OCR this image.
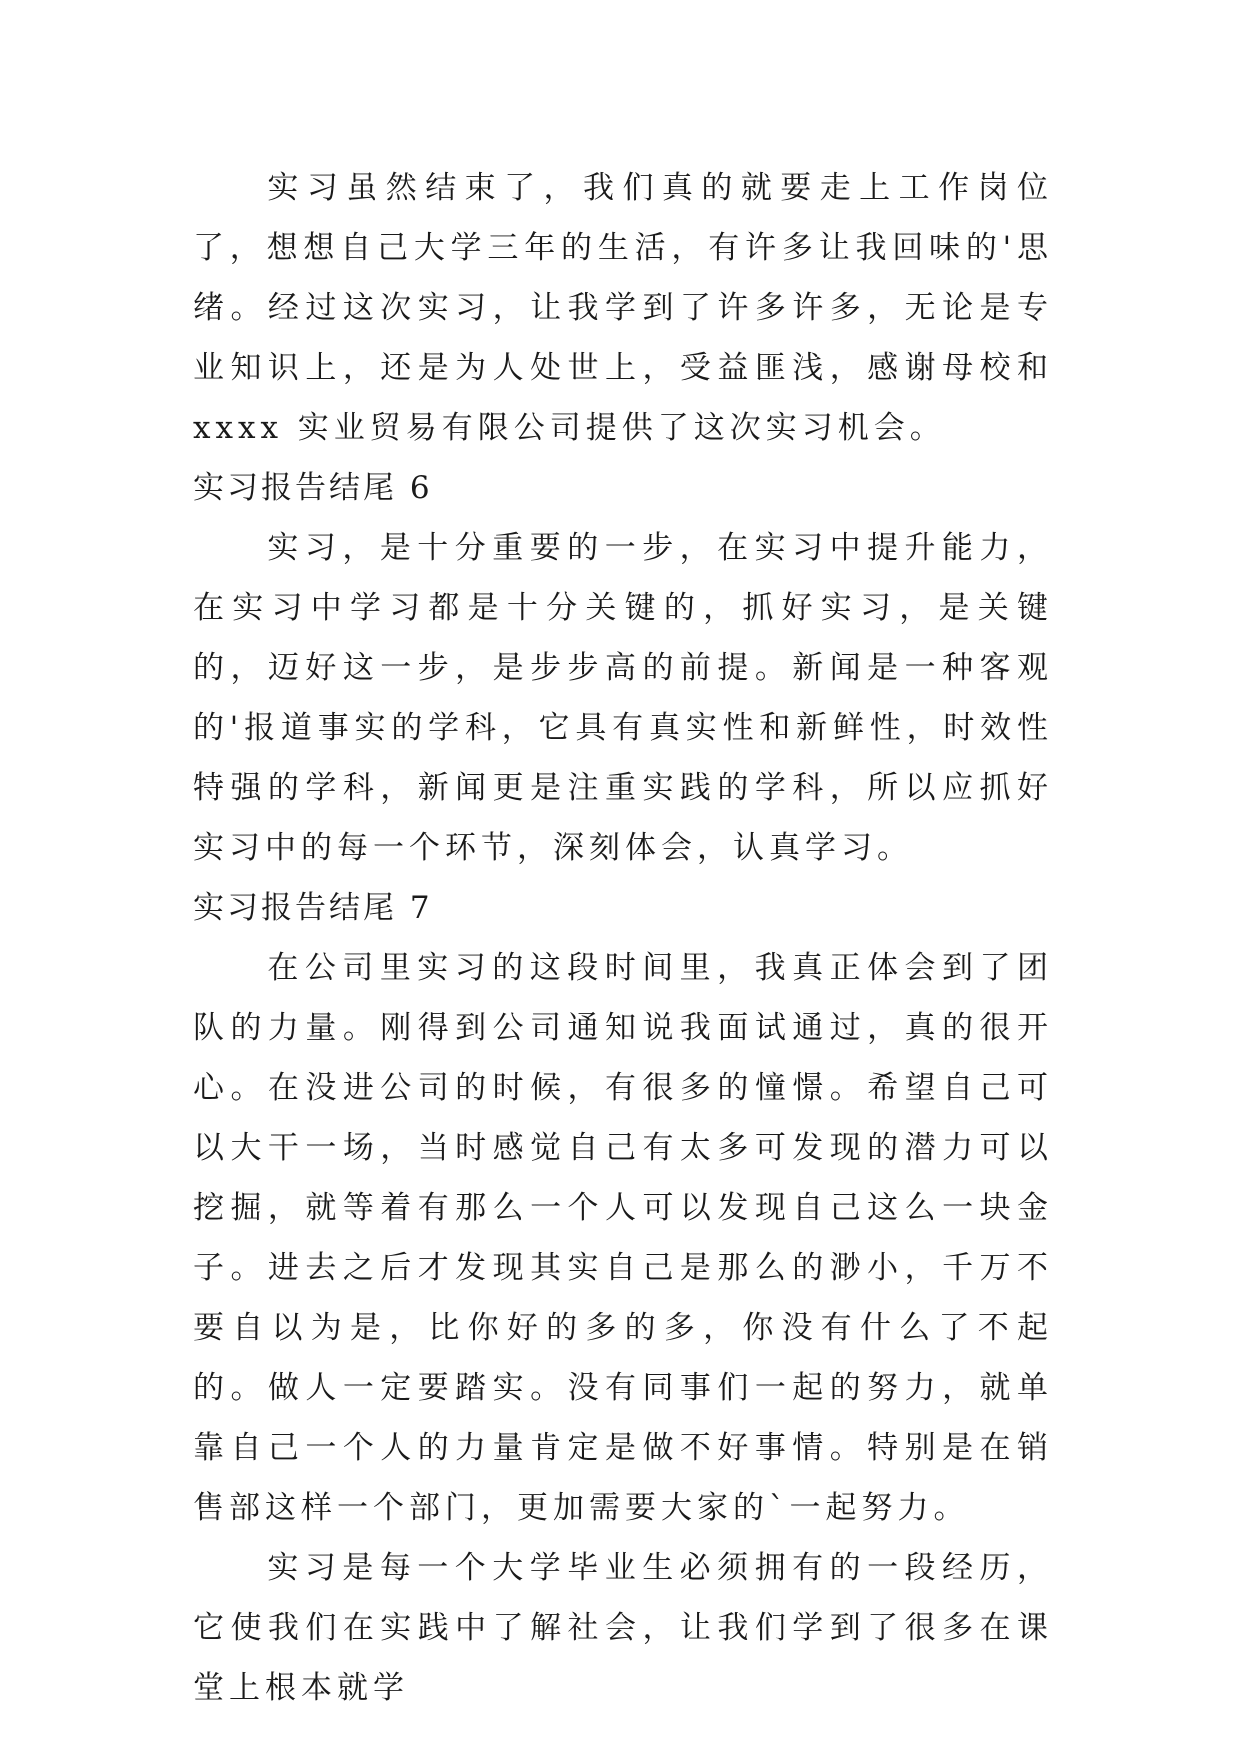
实习虽然结束了，我们真的就要走上工作岗位了，想想自己大学三年的生活，有许多让我回味的'思绪。经过这次实习，让我学到了许多许多，无论是专业知识上，还是为人处世上，受益匪浅，感谢母校和 xxxx 实业贸易有限公司提供了这次实习机会。

实习报告结尾 6

实习，是十分重要的一步，在实习中提升能力，在实习中学习都是十分关键的，抓好实习，是关键的，迈好这一步，是步步高的前提。新闻是一种客观的'报道事实的学科，它具有真实性和新鲜性，时效性特强的学科，新闻更是注重实践的学科，所以应抓好实习中的每一个环节，深刻体会，认真学习。

实习报告结尾 7

在公司里实习的这段时间里，我真正体会到了团队的力量。刚得到公司通知说我面试通过，真的很开心。在没进公司的时候，有很多的憧憬。希望自己可以大干一场，当时感觉自己有太多可发现的潜力可以挖掘，就等着有那么一个人可以发现自己这么一块金子。进去之后才发现其实自己是那么的渺小，千万不要自以为是，比你好的多的多，你没有什么了不起的。做人一定要踏实。没有同事们一起的努力，就单靠自己一个人的力量肯定是做不好事情。特别是在销售部这样一个部门，更加需要大家的`一起努力。

实习是每一个大学毕业生必须拥有的一段经历，它使我们在实践中了解社会，让我们学到了很多在课堂上根本就学
